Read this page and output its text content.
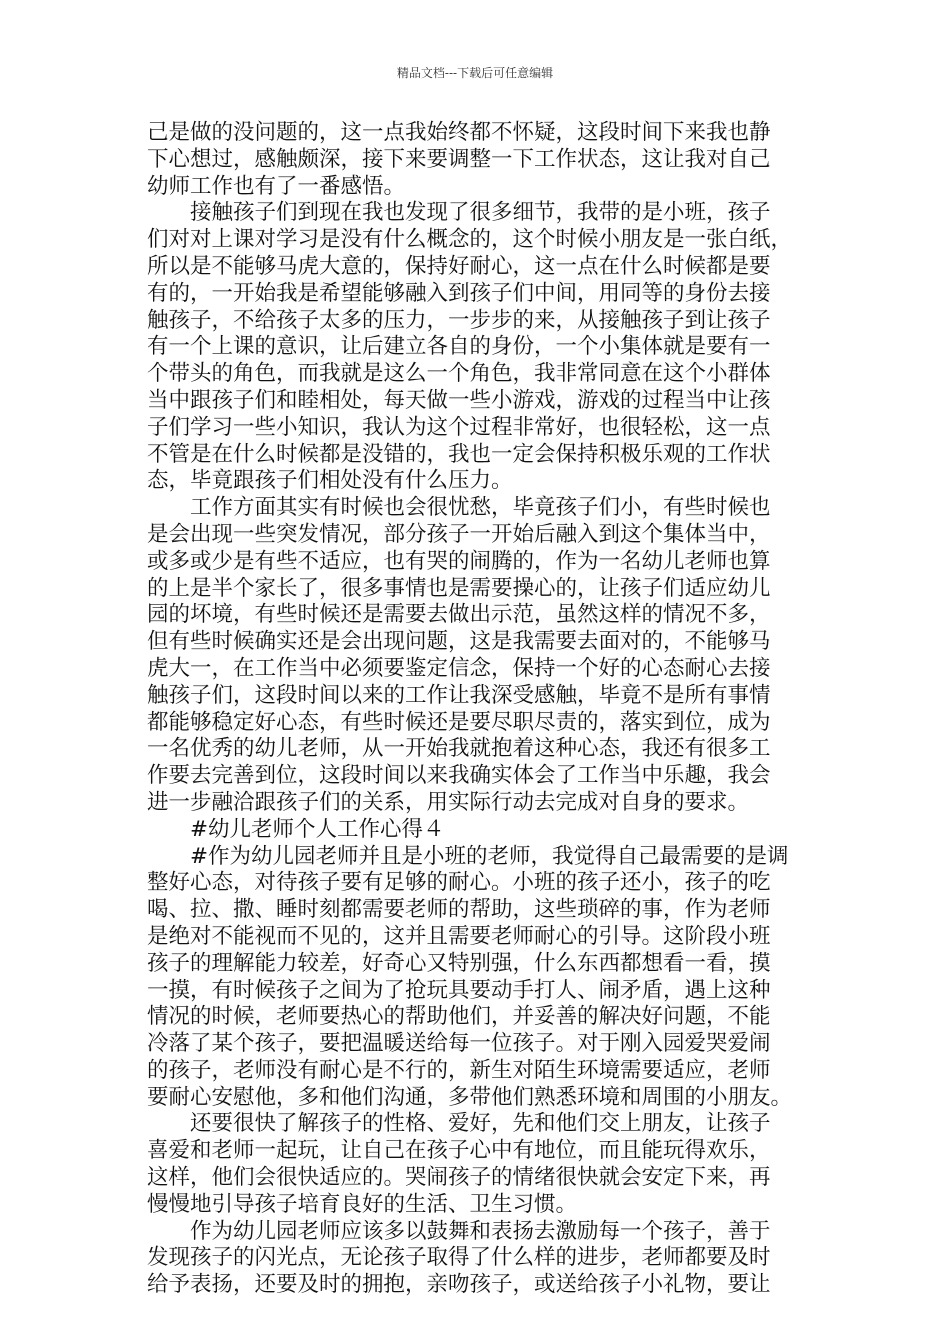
精品文档---下载后可任意编辑
己是做的没问题的，这一点我始终都不怀疑，这段时间下来我也静
下心想过，感触颇深，接下来要调整一下工作状态，这让我对自己
幼师工作也有了一番感悟。
接触孩子们到现在我也发现了很多细节，我带的是小班，孩子
们对对上课对学习是没有什么概念的，这个时候小朋友是一张白纸，
所以是不能够马虎大意的，保持好耐心，这一点在什么时候都是要
有的，一开始我是希望能够融入到孩子们中间，用同等的身份去接
触孩子，不给孩子太多的压力，一步步的来，从接触孩子到让孩子
有一个上课的意识，让后建立各自的身份，一个小集体就是要有一
个带头的角色，而我就是这么一个角色，我非常同意在这个小群体
当中跟孩子们和睦相处，每天做一些小游戏，游戏的过程当中让孩
子们学习一些小知识，我认为这个过程非常好，也很轻松，这一点
不管是在什么时候都是没错的，我也一定会保持积极乐观的工作状
态，毕竟跟孩子们相处没有什么压力。
工作方面其实有时候也会很忧愁，毕竟孩子们小，有些时候也
是会出现一些突发情况，部分孩子一开始后融入到这个集体当中，
或多或少是有些不适应，也有哭的闹腾的，作为一名幼儿老师也算
的上是半个家长了，很多事情也是需要操心的，让孩子们适应幼儿
园的坏境，有些时候还是需要去做出示范，虽然这样的情况不多，
但有些时候确实还是会出现问题，这是我需要去面对的，不能够马
虎大一，在工作当中必须要鉴定信念，保持一个好的心态耐心去接
触孩子们，这段时间以来的工作让我深受感触，毕竟不是所有事情
都能够稳定好心态，有些时候还是要尽职尽责的，落实到位，成为
一名优秀的幼儿老师，从一开始我就抱着这种心态，我还有很多工
作要去完善到位，这段时间以来我确实体会了工作当中乐趣，我会
进一步融洽跟孩子们的关系，用实际行动去完成对自身的要求。
#幼儿老师个人工作心得４
#作为幼儿园老师并且是小班的老师，我觉得自己最需要的是调
整好心态，对待孩子要有足够的耐心。小班的孩子还小，孩子的吃
喝、拉、撒、睡时刻都需要老师的帮助，这些琐碎的事，作为老师
是绝对不能视而不见的，这并且需要老师耐心的引导。这阶段小班
孩子的理解能力较差，好奇心又特别强，什么东西都想看一看，摸
一摸，有时候孩子之间为了抢玩具要动手打人、闹矛盾，遇上这种
情况的时候，老师要热心的帮助他们，并妥善的解决好问题，不能
冷落了某个孩子，要把温暖送给每一位孩子。对于刚入园爱哭爱闹
的孩子，老师没有耐心是不行的，新生对陌生环境需要适应，老师
要耐心安慰他，多和他们沟通，多带他们熟悉环境和周围的小朋友。
还要很快了解孩子的性格、爱好，先和他们交上朋友，让孩子
喜爱和老师一起玩，让自己在孩子心中有地位，而且能玩得欢乐，
这样，他们会很快适应的。哭闹孩子的情绪很快就会安定下来，再
慢慢地引导孩子培育良好的生活、卫生习惯。
作为幼儿园老师应该多以鼓舞和表扬去激励每一个孩子，善于
发现孩子的闪光点，无论孩子取得了什么样的进步，老师都要及时
给予表扬，还要及时的拥抱，亲吻孩子，或送给孩子小礼物，要让
